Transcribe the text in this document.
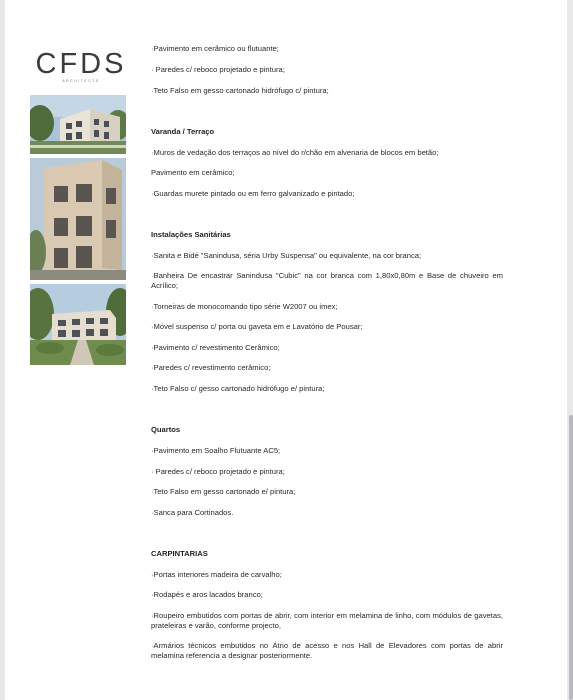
CFDS
ARCHITECTS
·Pavimento em cerâmico ou flutuante;
· Paredes c/ reboco projetado e pintura;
·Teto Falso em gesso cartonado hidrófugo c/ pintura;
Varanda / Terraço
·Muros de vedação dos terraços ao nível do r/chão em alvenaria de blocos em betão;
Pavimento em cerâmico;
·Guardas murete pintado ou em ferro galvanizado e pintado;
Instalações Sanitárias
·Sanita e Bidé "Sanindusa, séria Urby Suspensa" ou equivalente, na cor branca;
·Banheira De encastrar Sanindusa "Cubic" na cor branca com 1,80x0,80m e Base de chuveiro em Acrílico;
·Torneiras de monocomando tipo série W2007 ou imex;
·Móvel suspenso c/ porta ou gaveta em e Lavatório de Pousar;
·Pavimento c/ revestimento Cerâmico;
·Paredes c/ revestimento cerâmico;
·Teto Falso c/ gesso cartonado hidrófugo e/ pintura;
Quartos
·Pavimento em Soalho Flutuante AC5;
· Paredes c/ reboco projetado e pintura;
·Teto Falso em gesso cartonado e/ pintura;
·Sanca para Cortinados.
CARPINTARIAS
·Portas interiores madeira de carvalho;
·Rodapés e aros lacados branco;
·Roupeiro embutidos com portas de abrir, com interior em melamina de linho, com módulos de gavetas, prateleiras e varão, conforme projecto,
·Armários técnicos embutidos no Átrio de acesso e nos Hall de Elevadores com portas de abrir melamina referencia a designar posteriormente.
